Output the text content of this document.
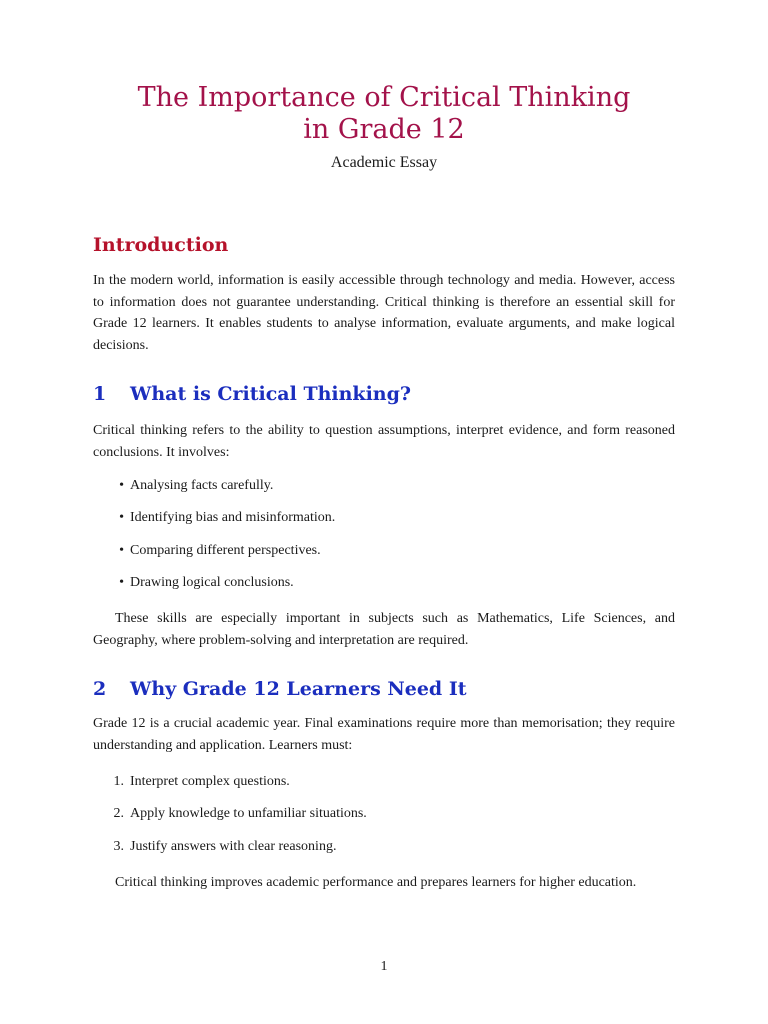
The Importance of Critical Thinking
in Grade 12
Academic Essay
Introduction

In the modern world, information is easily accessible through technology and media. However, access to information does not guarantee understanding. Critical thinking is therefore an essential skill for Grade 12 learners. It enables students to analyse information, evaluate arguments, and make logical decisions.

1 What is Critical Thinking?

Critical thinking refers to the ability to question assumptions, interpret evidence, and form reasoned conclusions. It involves:

• Analysing facts carefully.
• Identifying bias and misinformation.
• Comparing different perspectives.
• Drawing logical conclusions.

These skills are especially important in subjects such as Mathematics, Life Sciences, and Geography, where problem-solving and interpretation are required.

2 Why Grade 12 Learners Need It

Grade 12 is a crucial academic year. Final examinations require more than memorisation; they require understanding and application. Learners must:

1. Interpret complex questions.
2. Apply knowledge to unfamiliar situations.
3. Justify answers with clear reasoning.

Critical thinking improves academic performance and prepares learners for higher education.

1
